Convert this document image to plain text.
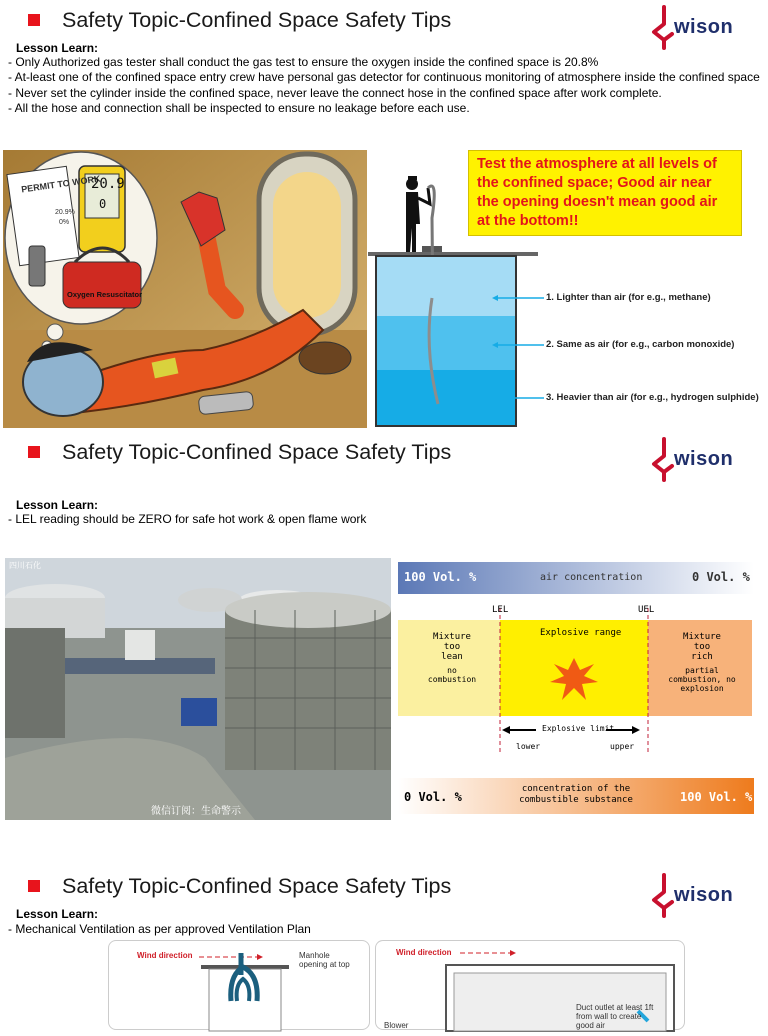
Safety Topic-Confined Space Safety Tips	wison
Lesson Learn:
- Only Authorized gas tester shall conduct the gas test to ensure the oxygen inside the confined space is 20.8%
- At-least one of the confined space entry crew have personal gas detector for continuous monitoring of atmosphere inside the confined space
- Never set the cylinder inside the confined space, never leave the connect hose in the confined space after work complete.
- All the hose and connection shall be inspected to ensure no leakage before each use.
PERMIT TO WORK
20.9%
0%
20.9
0
Oxygen Resuscitator	1. Lighter than air (for e.g., methane)
2. Same as air (for e.g., carbon monoxide)
3. Heavier than air (for e.g., hydrogen sulphide)
Test the atmosphere at all levels of the confined space; Good air near the opening doesn't mean good air at the bottom!!
Safety Topic-Confined Space Safety Tips	wison
Lesson Learn:
- LEL reading should be ZERO for safe hot work & open flame work
四川石化
微信订阅：生命警示
100 Vol. %	air concentration	0 Vol. %
LEL	UEL
Mixture too lean
no combustion
Explosive range	Mixture too rich
partial combustion, no explosion
Explosive limit
lower	upper
0 Vol. %
concentration of the combustible substance	100 Vol. %
Safety Topic-Confined Space Safety Tips	wison
Lesson Learn:
- Mechanical Ventilation as per approved Ventilation Plan
Wind direction	Manhole opening at top
Wind direction
Duct outlet at least 1ft from wall to create good air
Blower
